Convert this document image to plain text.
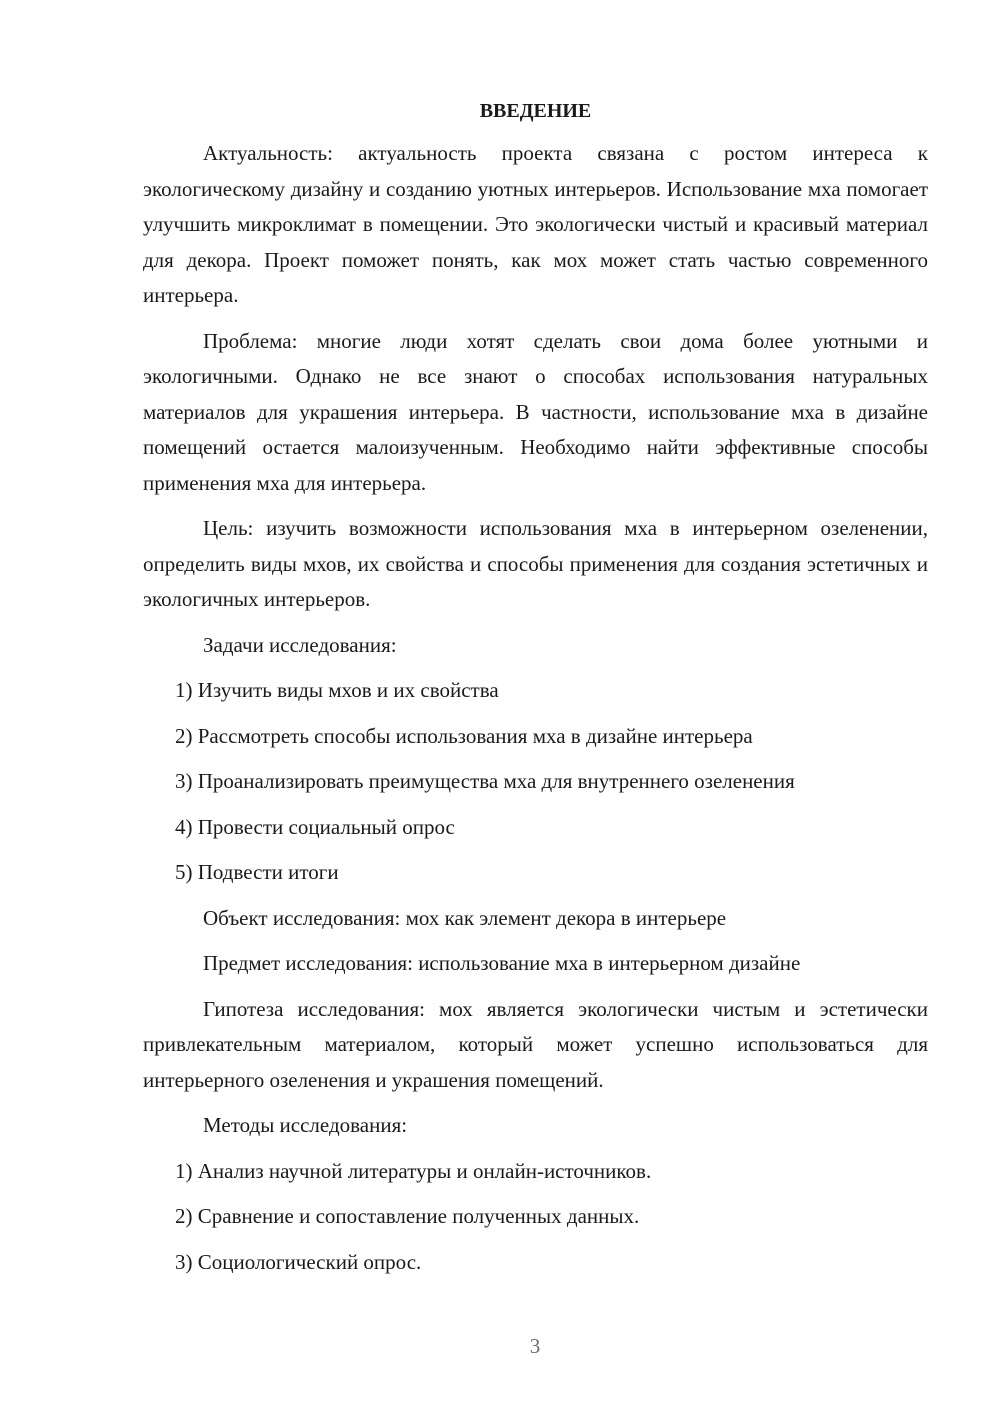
ВВЕДЕНИЕ

Актуальность: актуальность проекта связана с ростом интереса к экологическому дизайну и созданию уютных интерьеров. Использование мха помогает улучшить микроклимат в помещении. Это экологически чистый и красивый материал для декора. Проект поможет понять, как мох может стать частью современного интерьера.

Проблема: многие люди хотят сделать свои дома более уютными и экологичными. Однако не все знают о способах использования натуральных материалов для украшения интерьера. В частности, использование мха в дизайне помещений остается малоизученным. Необходимо найти эффективные способы применения мха для интерьера.

Цель: изучить возможности использования мха в интерьерном озеленении, определить виды мхов, их свойства и способы применения для создания эстетичных и экологичных интерьеров.

Задачи исследования:
1) Изучить виды мхов и их свойства
2) Рассмотреть способы использования мха в дизайне интерьера
3) Проанализировать преимущества мха для внутреннего озеленения
4) Провести социальный опрос
5) Подвести итоги
Объект исследования: мох как элемент декора в интерьере
Предмет исследования: использование мха в интерьерном дизайне

Гипотеза исследования: мох является экологически чистым и эстетически привлекательным материалом, который может успешно использоваться для интерьерного озеленения и украшения помещений.

Методы исследования:
1) Анализ научной литературы и онлайн-источников.
2) Сравнение и сопоставление полученных данных.
3) Социологический опрос.
3
